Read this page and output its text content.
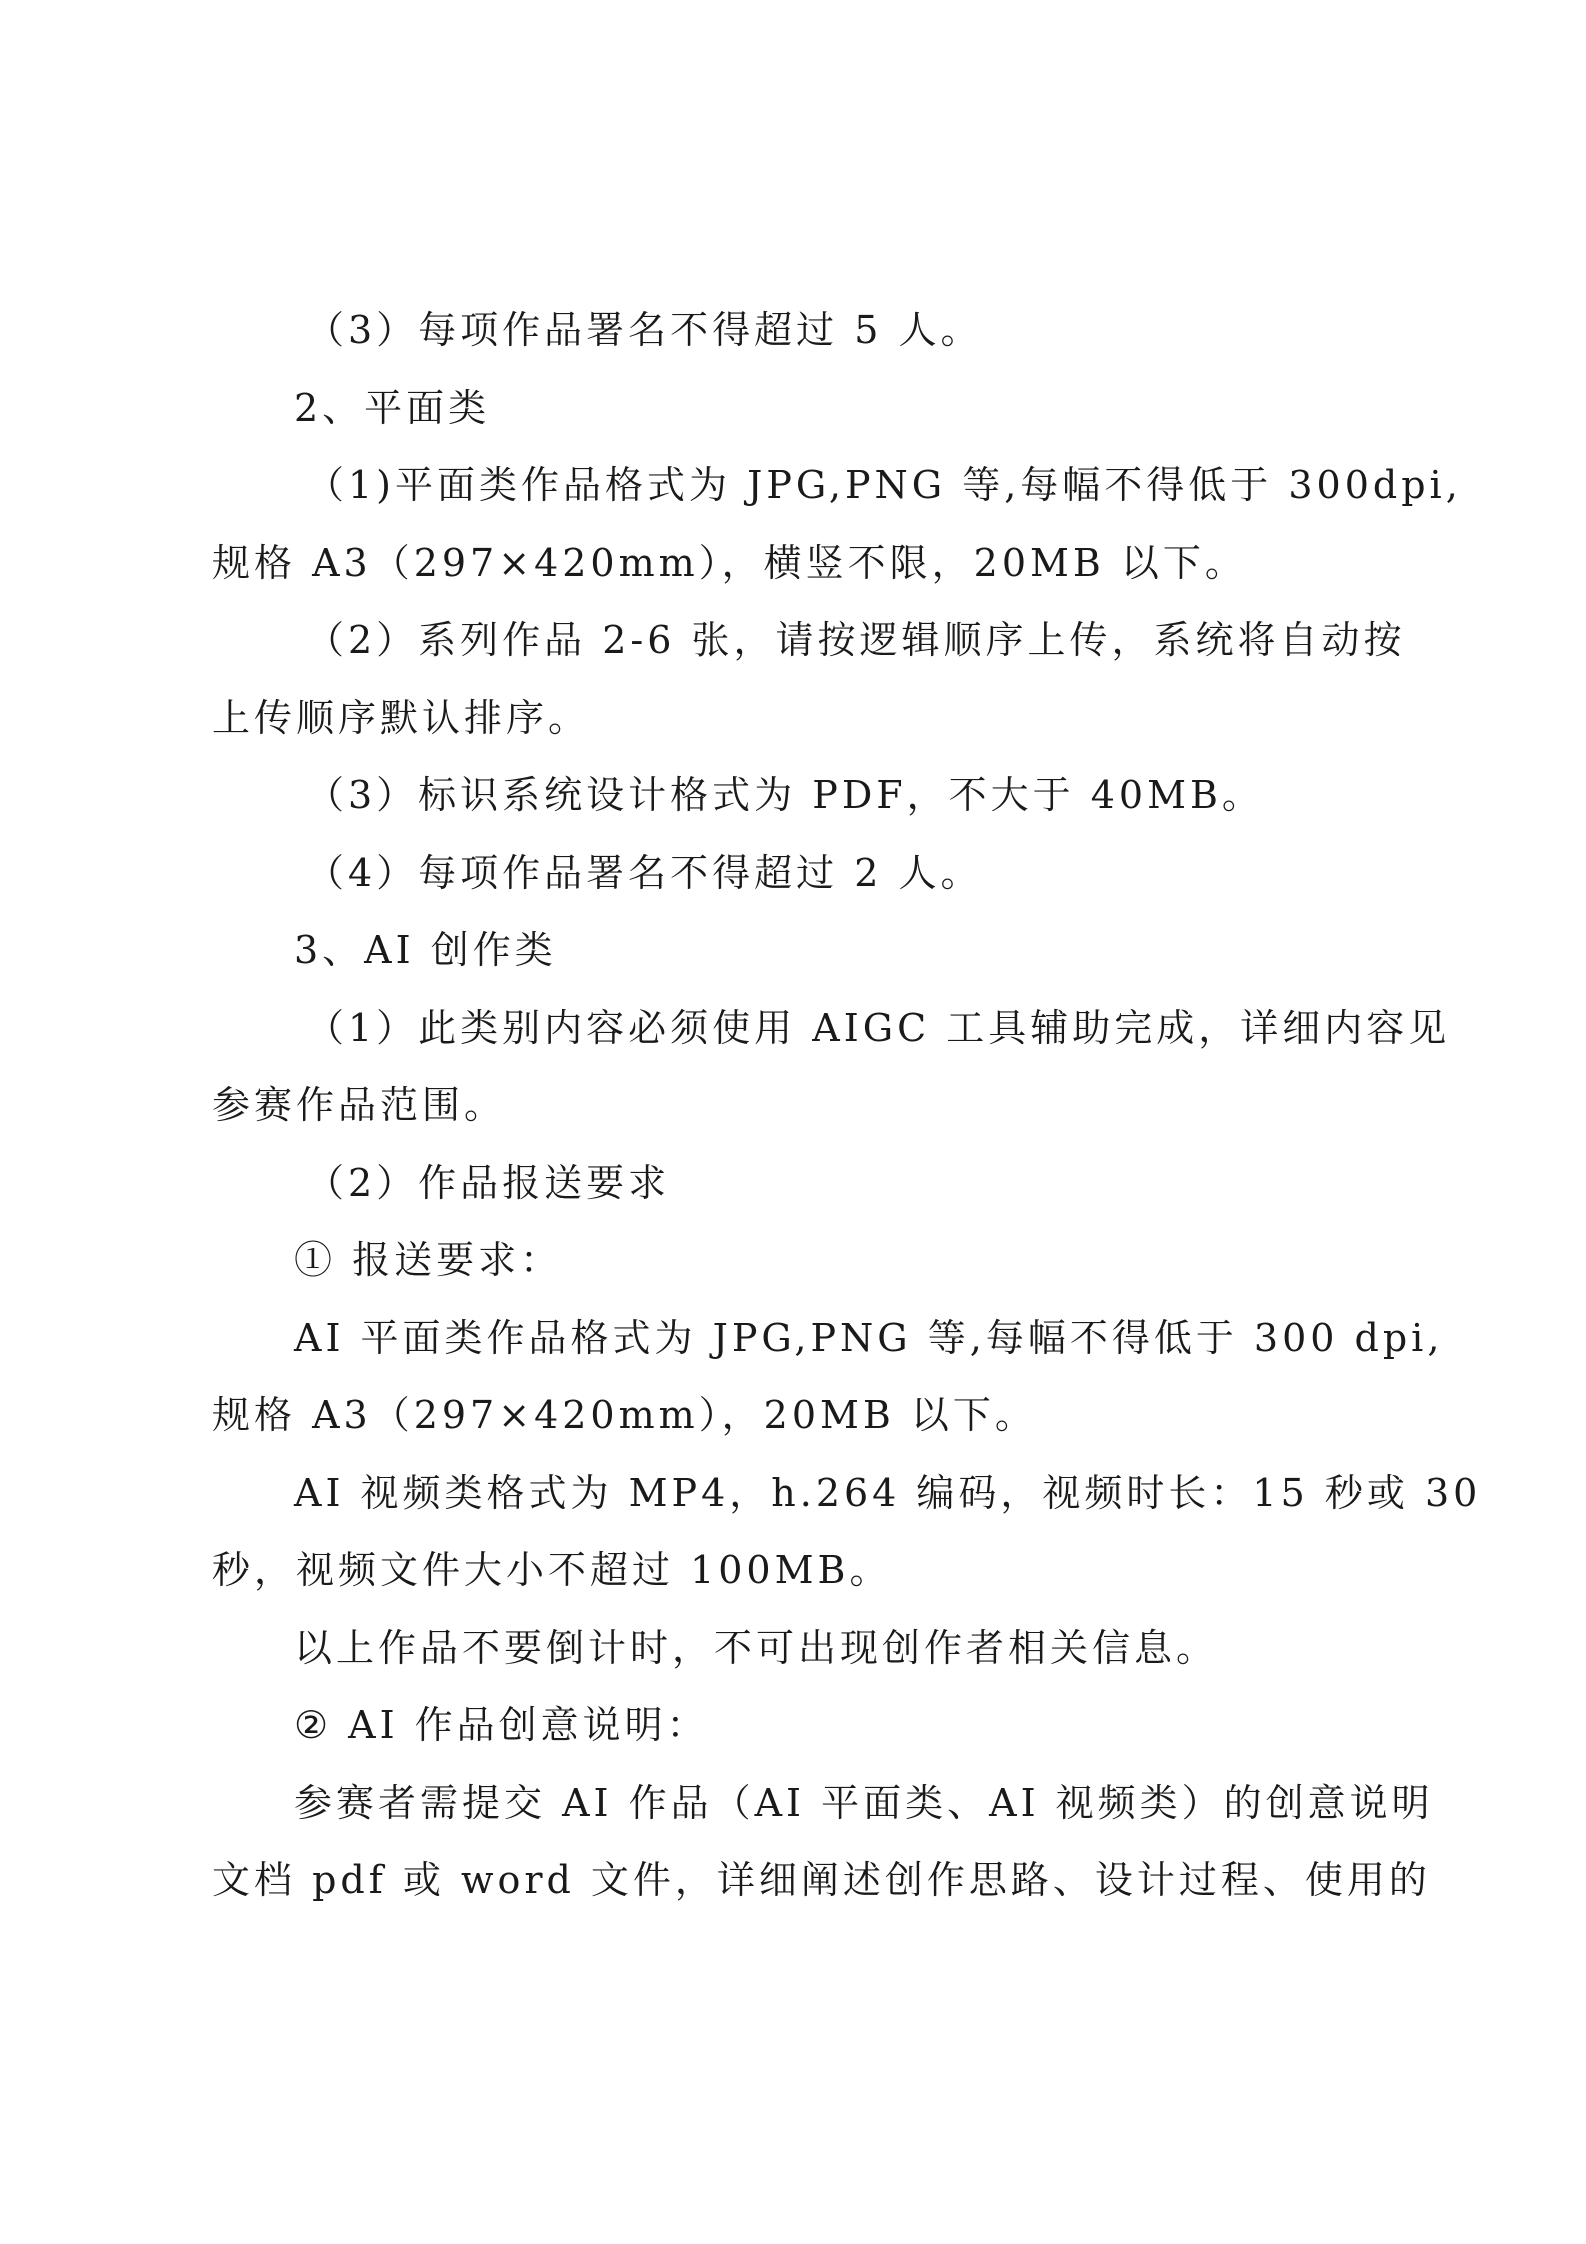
（3）每项作品署名不得超过 5 人。

2、平面类

（1)平面类作品格式为 JPG,PNG 等,每幅不得低于 300dpi,

规格 A3（297×420mm），横竖不限，20MB 以下。

（2）系列作品 2-6 张，请按逻辑顺序上传，系统将自动按

上传顺序默认排序。

（3）标识系统设计格式为 PDF，不大于 40MB。

（4）每项作品署名不得超过 2 人。

3、AI 创作类

（1）此类别内容必须使用 AIGC 工具辅助完成，详细内容见

参赛作品范围。

（2）作品报送要求

① 报送要求：

AI 平面类作品格式为 JPG,PNG 等,每幅不得低于 300 dpi,

规格 A3（297×420mm），20MB 以下。

AI 视频类格式为 MP4，h.264 编码，视频时长：15 秒或 30

秒，视频文件大小不超过 100MB。

以上作品不要倒计时，不可出现创作者相关信息。

② AI 作品创意说明：

参赛者需提交 AI 作品（AI 平面类、AI 视频类）的创意说明

文档 pdf 或 word 文件，详细阐述创作思路、设计过程、使用的
